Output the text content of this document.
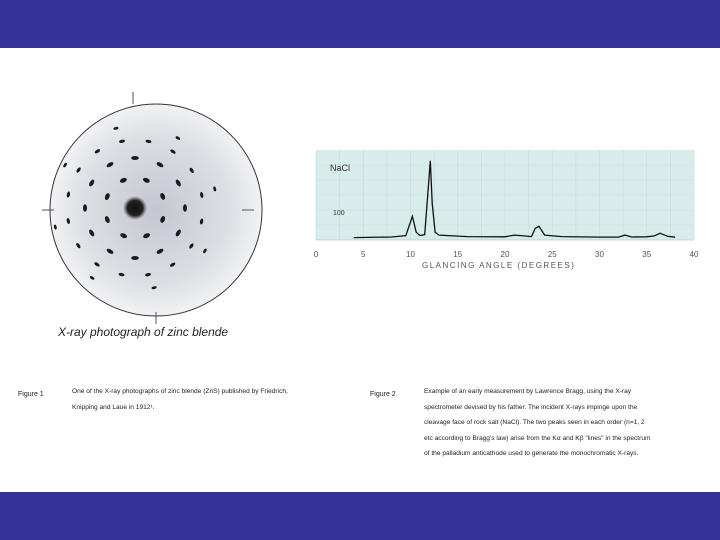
X-ray photograph of zinc blende
NaCl
100
0	5	10	15	20	25	30	35	40
GLANCING ANGLE (DEGREES)
Figure 1	One of the X-ray photographs of zinc blende (ZnS) published by Friedrich,
Knipping and Laue in 1912¹.
Figure 2	Example of an early measurement by Lawrence Bragg, using the X-ray
spectrometer devised by his father. The incident X-rays impinge upon the
cleavage face of rock salt (NaCl). The two peaks seen in each order (n=1, 2
etc according to Bragg's law) arise from the Kα and Kβ "lines" in the spectrum
of the palladium anticathode used to generate the monochromatic X-rays.
